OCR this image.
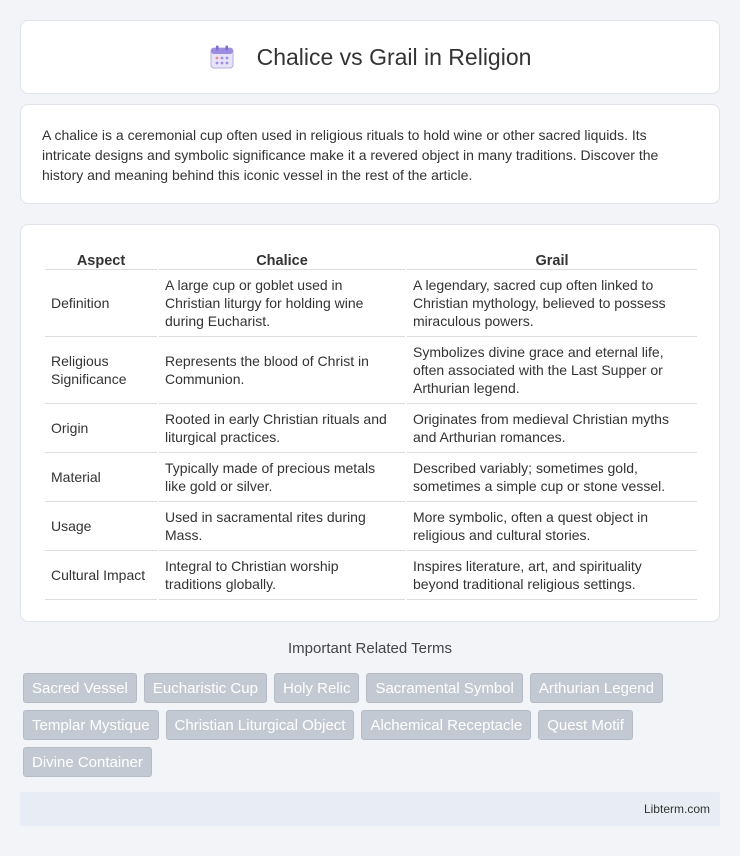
Chalice vs Grail in Religion

A chalice is a ceremonial cup often used in religious rituals to hold wine or other sacred liquids. Its intricate designs and symbolic significance make it a revered object in many traditions. Discover the history and meaning behind this iconic vessel in the rest of the article.

Aspect	Chalice	Grail
Definition	A large cup or goblet used in Christian liturgy for holding wine during Eucharist.	A legendary, sacred cup often linked to Christian mythology, believed to possess miraculous powers.
Religious Significance	Represents the blood of Christ in Communion.	Symbolizes divine grace and eternal life, often associated with the Last Supper or Arthurian legend.
Origin	Rooted in early Christian rituals and liturgical practices.	Originates from medieval Christian myths and Arthurian romances.
Material	Typically made of precious metals like gold or silver.	Described variably; sometimes gold, sometimes a simple cup or stone vessel.
Usage	Used in sacramental rites during Mass.	More symbolic, often a quest object in religious and cultural stories.
Cultural Impact	Integral to Christian worship traditions globally.	Inspires literature, art, and spirituality beyond traditional religious settings.
Important Related Terms
Sacred Vessel	Eucharistic Cup	Holy Relic	Sacramental Symbol	Arthurian Legend
Templar Mystique	Christian Liturgical Object	Alchemical Receptacle	Quest Motif
Divine Container
Libterm.com
